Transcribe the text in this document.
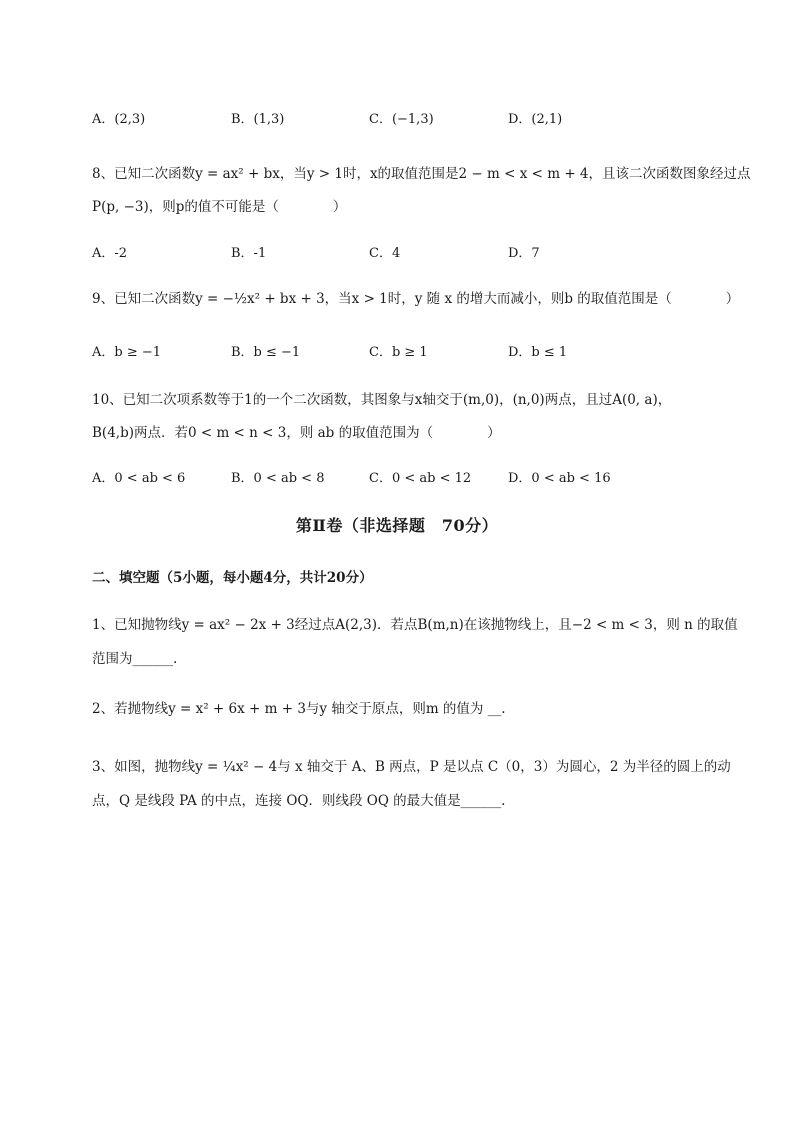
A．(2,3)	B．(1,3)	C．(−1,3)	D．(2,1)
8、已知二次函数y = ax² + bx，当y > 1时，x的取值范围是2 − m < x < m + 4，且该二次函数图象经过点
P(p, −3)，则p的值不可能是（　　　　）
A．-2	B．-1	C．4	D．7
9、已知二次函数y = −½x² + bx + 3，当x > 1时，y 随 x 的增大而减小，则b 的取值范围是（　　　　）
A．b ≥ −1	B．b ≤ −1	C．b ≥ 1	D．b ≤ 1
10、已知二次项系数等于1的一个二次函数，其图象与x轴交于(m,0)，(n,0)两点，且过A(0, a)，
B(4,b)两点．若0 < m < n < 3，则 ab 的取值范围为（　　　　）
A．0 < ab < 6	B．0 < ab < 8	C．0 < ab < 12	D．0 < ab < 16
第Ⅱ卷（非选择题　70分）
二、填空题（5小题，每小题4分，共计20分）
1、已知抛物线y = ax² − 2x + 3经过点A(2,3)．若点B(m,n)在该抛物线上，且−2 < m < 3，则 n 的取值
范围为______.
2、若抛物线y = x² + 6x + m + 3与y 轴交于原点，则m 的值为 __.
3、如图，抛物线y = ¼x² − 4与 x 轴交于 A、B 两点，P 是以点 C（0，3）为圆心，2 为半径的圆上的动
点，Q 是线段 PA 的中点，连接 OQ．则线段 OQ 的最大值是______.
